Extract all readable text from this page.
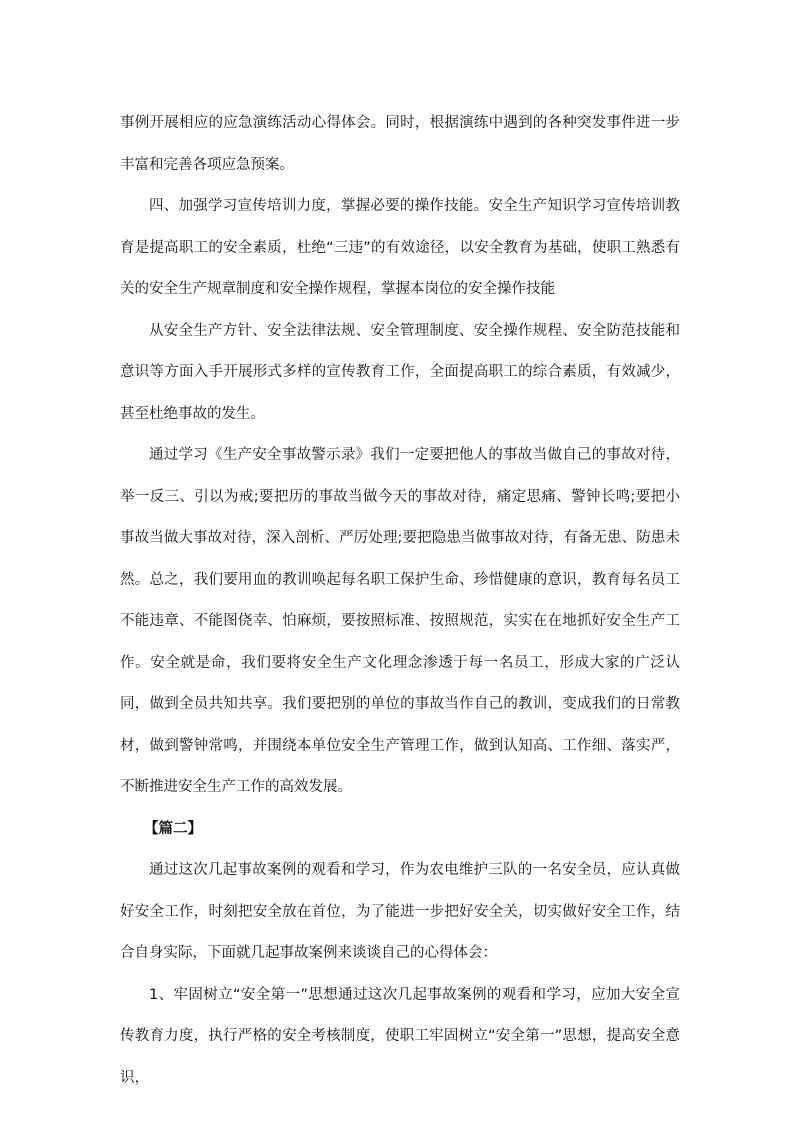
事例开展相应的应急演练活动心得体会。同时，根据演练中遇到的各种突发事件进一步丰富和完善各项应急预案。

四、加强学习宣传培训力度，掌握必要的操作技能。安全生产知识学习宣传培训教育是提高职工的安全素质，杜绝“三违”的有效途径，以安全教育为基础，使职工熟悉有关的安全生产规章制度和安全操作规程，掌握本岗位的安全操作技能

从安全生产方针、安全法律法规、安全管理制度、安全操作规程、安全防范技能和意识等方面入手开展形式多样的宣传教育工作，全面提高职工的综合素质，有效减少，甚至杜绝事故的发生。

通过学习《生产安全事故警示录》我们一定要把他人的事故当做自己的事故对待，举一反三、引以为戒;要把历的事故当做今天的事故对待，痛定思痛、警钟长鸣;要把小事故当做大事故对待，深入剖析、严厉处理;要把隐患当做事故对待，有备无患、防患未然。总之，我们要用血的教训唤起每名职工保护生命、珍惜健康的意识，教育每名员工不能违章、不能图侥幸、怕麻烦，要按照标准、按照规范，实实在在地抓好安全生产工作。安全就是命，我们要将安全生产文化理念渗透于每一名员工，形成大家的广泛认同，做到全员共知共享。我们要把别的单位的事故当作自己的教训，变成我们的日常教材，做到警钟常鸣，并围绕本单位安全生产管理工作，做到认知高、工作细、落实严，不断推进安全生产工作的高效发展。

【篇二】

通过这次几起事故案例的观看和学习，作为农电维护三队的一名安全员，应认真做好安全工作，时刻把安全放在首位，为了能进一步把好安全关，切实做好安全工作，结合自身实际，下面就几起事故案例来谈谈自己的心得体会：

1、牢固树立“安全第一”思想通过这次几起事故案例的观看和学习，应加大安全宣传教育力度，执行严格的安全考核制度，使职工牢固树立“安全第一”思想，提高安全意识，
